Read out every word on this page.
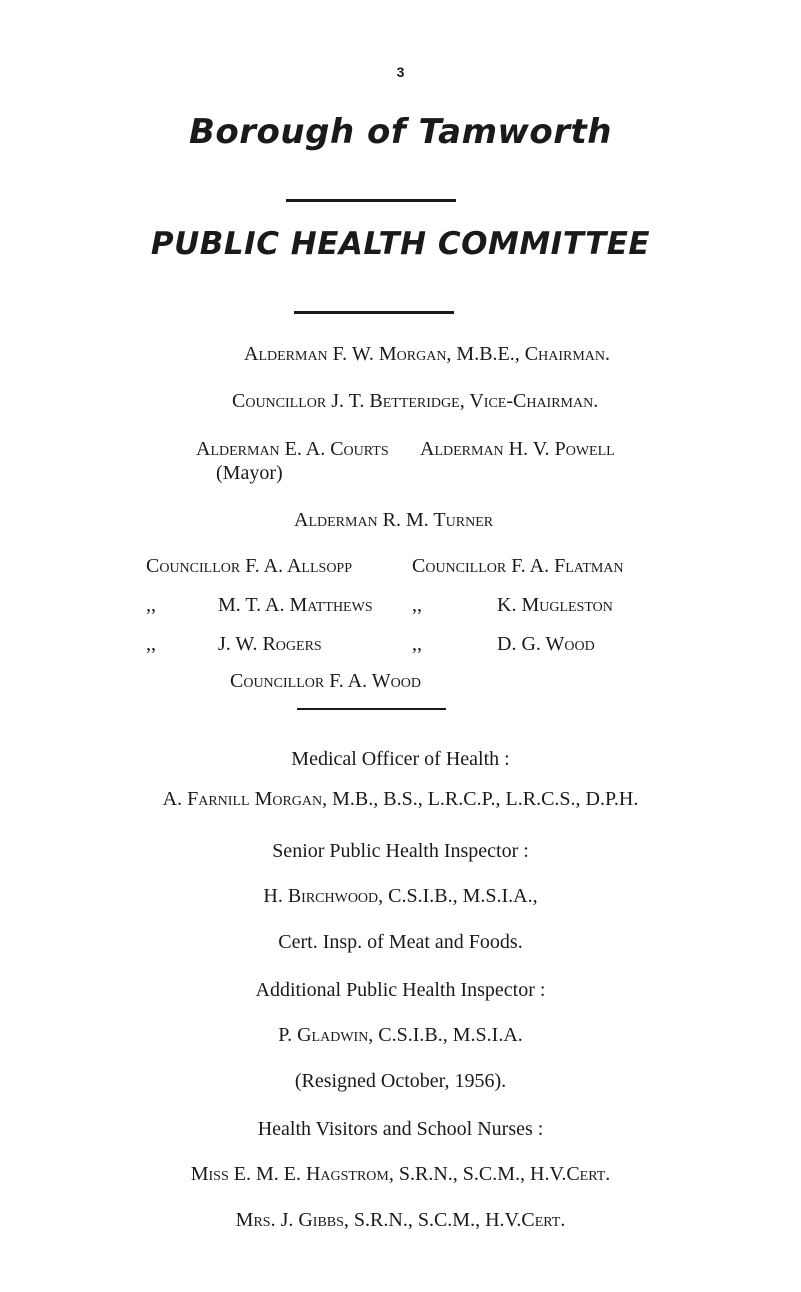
3
Borough of Tamworth
PUBLIC HEALTH COMMITTEE
Alderman F. W. Morgan, M.B.E., Chairman.
Councillor J. T. Betteridge, Vice-Chairman.
Alderman E. A. Courts
(Mayor)
Alderman H. V. Powell
Alderman R. M. Turner
Councillor F. A. Allsopp	Councillor F. A. Flatman
,,	M. T. A. Matthews ,,	K. Mugleston
,,	J. W. Rogers	,,	D. G. Wood
Councillor F. A. Wood
Medical Officer of Health :
A. Farnill Morgan, M.B., B.S., L.R.C.P., L.R.C.S., D.P.H.
Senior Public Health Inspector :
H. Birchwood, C.S.I.B., M.S.I.A.,
Cert. Insp. of Meat and Foods.
Additional Public Health Inspector :
P. Gladwin, C.S.I.B., M.S.I.A.
(Resigned October, 1956).
Health Visitors and School Nurses :
Miss E. M. E. Hagstrom, S.R.N., S.C.M., H.V.Cert.
Mrs. J. Gibbs, S.R.N., S.C.M., H.V.Cert.
